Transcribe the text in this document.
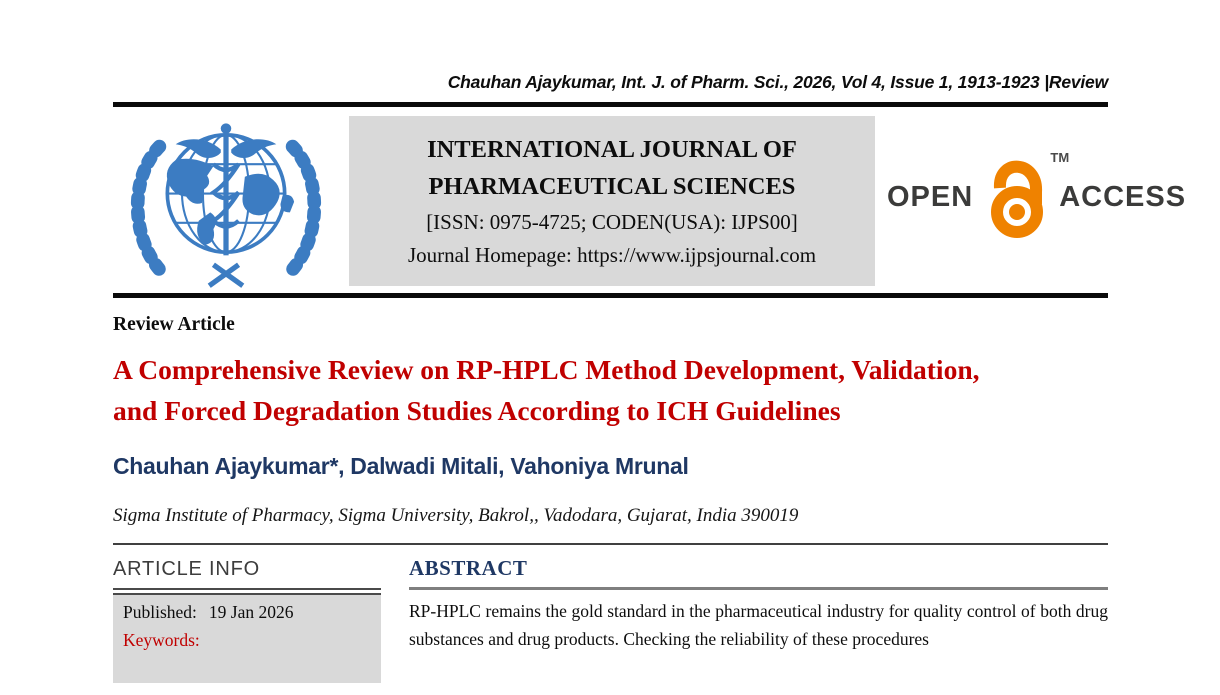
Chauhan Ajaykumar, Int. J. of Pharm. Sci., 2026, Vol 4, Issue 1, 1913-1923 |Review
INTERNATIONAL JOURNAL OF PHARMACEUTICAL SCIENCES
[ISSN: 0975-4725; CODEN(USA): IJPS00]
Journal Homepage: https://www.ijpsjournal.com
OPEN
TM
ACCESS
Review Article
A Comprehensive Review on RP-HPLC Method Development, Validation, and Forced Degradation Studies According to ICH Guidelines
Chauhan Ajaykumar*, Dalwadi Mitali, Vahoniya Mrunal
Sigma Institute of Pharmacy, Sigma University, Bakrol,, Vadodara, Gujarat, India 390019
ARTICLE INFO
Published: 19 Jan 2026
Keywords:
ABSTRACT

RP-HPLC remains the gold standard in the pharmaceutical industry for quality control of both drug substances and drug products. Checking the reliability of these procedures
